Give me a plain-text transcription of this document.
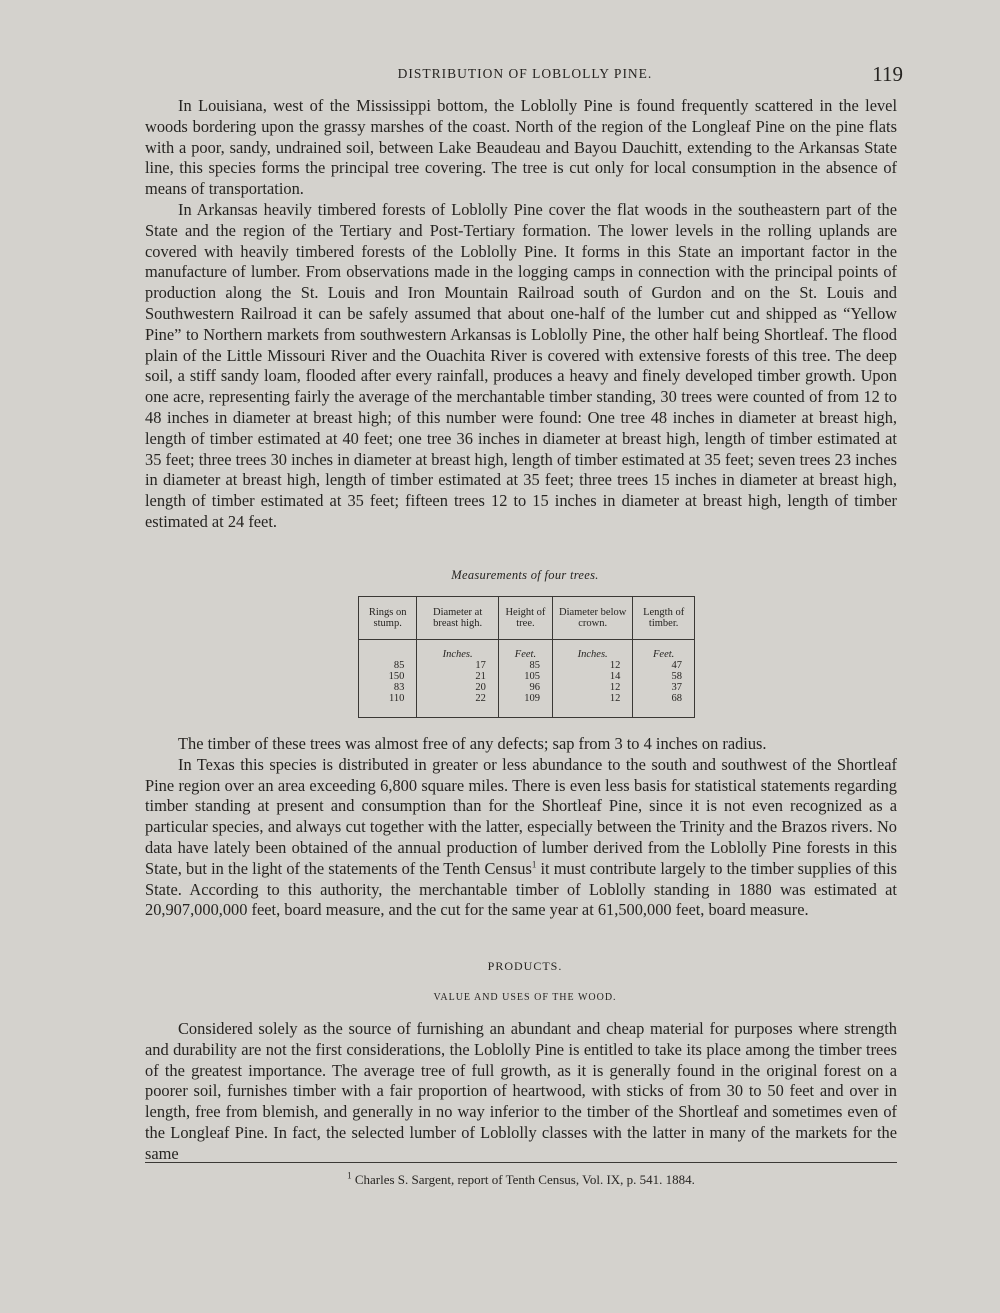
DISTRIBUTION OF LOBLOLLY PINE.	119

In Louisiana, west of the Mississippi bottom, the Loblolly Pine is found frequently scattered in the level woods bordering upon the grassy marshes of the coast. North of the region of the Longleaf Pine on the pine flats with a poor, sandy, undrained soil, between Lake Beaudeau and Bayou Dauchitt, extending to the Arkansas State line, this species forms the principal tree covering. The tree is cut only for local consumption in the absence of means of transportation.

In Arkansas heavily timbered forests of Loblolly Pine cover the flat woods in the southeastern part of the State and the region of the Tertiary and Post-Tertiary formation. The lower levels in the rolling uplands are covered with heavily timbered forests of the Loblolly Pine. It forms in this State an important factor in the manufacture of lumber. From observations made in the logging camps in connection with the principal points of production along the St. Louis and Iron Mountain Railroad south of Gurdon and on the St. Louis and Southwestern Railroad it can be safely assumed that about one-half of the lumber cut and shipped as “Yellow Pine” to Northern markets from southwestern Arkansas is Loblolly Pine, the other half being Shortleaf. The flood plain of the Little Missouri River and the Ouachita River is covered with extensive forests of this tree. The deep soil, a stiff sandy loam, flooded after every rainfall, produces a heavy and finely developed timber growth. Upon one acre, representing fairly the average of the merchantable timber standing, 30 trees were counted of from 12 to 48 inches in diameter at breast high; of this number were found: One tree 48 inches in diameter at breast high, length of timber estimated at 40 feet; one tree 36 inches in diameter at breast high, length of timber estimated at 35 feet; three trees 30 inches in diameter at breast high, length of timber estimated at 35 feet; seven trees 23 inches in diameter at breast high, length of timber estimated at 35 feet; three trees 15 inches in diameter at breast high, length of timber estimated at 35 feet; fifteen trees 12 to 15 inches in diameter at breast high, length of timber estimated at 24 feet.

Measurements of four trees.
Rings on stump.	Diameter at breast high.	Height of tree.	Diameter below crown.	Length of timber.
	Inches.	Feet.	Inches.	Feet.
85	17	85	12	47
150	21	105	14	58
83	20	96	12	37
110	22	109	12	68

The timber of these trees was almost free of any defects; sap from 3 to 4 inches on radius.

In Texas this species is distributed in greater or less abundance to the south and southwest of the Shortleaf Pine region over an area exceeding 6,800 square miles. There is even less basis for statistical statements regarding timber standing at present and consumption than for the Shortleaf Pine, since it is not even recognized as a particular species, and always cut together with the latter, especially between the Trinity and the Brazos rivers. No data have lately been obtained of the annual production of lumber derived from the Loblolly Pine forests in this State, but in the light of the statements of the Tenth Census$^1$ it must contribute largely to the timber supplies of this State. According to this authority, the merchantable timber of Loblolly standing in 1880 was estimated at 20,907,000,000 feet, board measure, and the cut for the same year at 61,500,000 feet, board measure.

PRODUCTS.
VALUE AND USES OF THE WOOD.

Considered solely as the source of furnishing an abundant and cheap material for purposes where strength and durability are not the first considerations, the Loblolly Pine is entitled to take its place among the timber trees of the greatest importance. The average tree of full growth, as it is generally found in the original forest on a poorer soil, furnishes timber with a fair proportion of heartwood, with sticks of from 30 to 50 feet and over in length, free from blemish, and generally in no way inferior to the timber of the Shortleaf and sometimes even of the Longleaf Pine. In fact, the selected lumber of Loblolly classes with the latter in many of the markets for the same

$^1$ Charles S. Sargent, report of Tenth Census, Vol. IX, p. 541. 1884.
